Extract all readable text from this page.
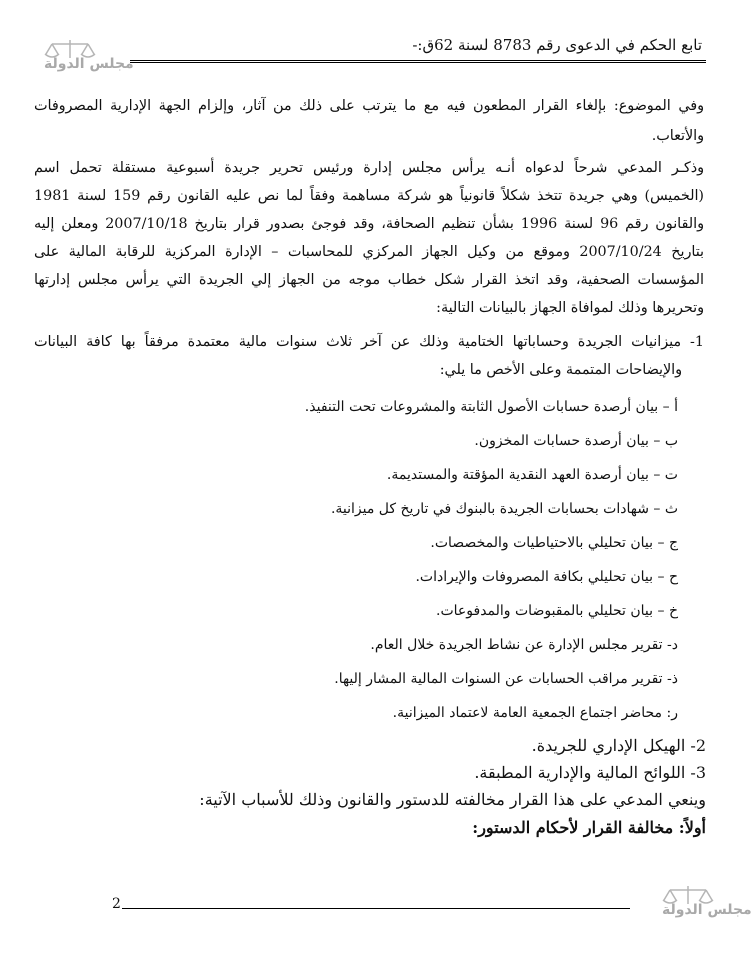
مجلس الدولة
تابع الحكم في الدعوى رقم 8783 لسنة 62ق:-
وفي الموضوع: بإلغاء القرار المطعون فيه مع ما يترتب على ذلك من آثار، وإلزام الجهة الإدارية المصروفات
والأتعاب.
وذكـر المدعي شرحاً لدعواه أنـه يرأس مجلس إدارة ورئيس تحرير جريدة أسبوعية مستقلة تحمل اسم
(الخميس) وهي جريدة تتخذ شكلاً قانونياً هو شركة مساهمة وفقاً لما نص عليه القانون رقم 159 لسنة 1981
والقانون رقم 96 لسنة 1996 بشأن تنظيم الصحافة، وقد فوجئ بصدور قرار بتاريخ 2007/10/18 ومعلن إليه
بتاريخ 2007/10/24 وموقع من وكيل الجهاز المركزي للمحاسبات – الإدارة المركزية للرقابة المالية على
المؤسسات الصحفية، وقد اتخذ القرار شكل خطاب موجه من الجهاز إلي الجريدة التي يرأس مجلس إدارتها
وتحريرها وذلك لموافاة الجهاز بالبيانات التالية:
1- ميزانيات الجريدة وحساباتها الختامية وذلك عن آخر ثلاث سنوات مالية معتمدة مرفقاً بها كافة البيانات
والإيضاحات المتممة وعلى الأخص ما يلي:
أ – بيان أرصدة حسابات الأصول الثابتة والمشروعات تحت التنفيذ.
ب – بيان أرصدة حسابات المخزون.
ت – بيان أرصدة العهد النقدية المؤقتة والمستديمة.
ث – شهادات بحسابات الجريدة بالبنوك في تاريخ كل ميزانية.
ج – بيان تحليلي بالاحتياطيات والمخصصات.
ح – بيان تحليلي بكافة المصروفات والإيرادات.
خ – بيان تحليلي بالمقبوضات والمدفوعات.
د- تقرير مجلس الإدارة عن نشاط الجريدة خلال العام.
ذ- تقرير مراقب الحسابات عن السنوات المالية المشار إليها.
ر: محاضر اجتماع الجمعية العامة لاعتماد الميزانية.
2- الهيكل الإداري للجريدة.
3- اللوائح المالية والإدارية المطبقة.
وينعي المدعي على هذا القرار مخالفته للدستور والقانون وذلك للأسباب الآتية:
أولاً: مخالفة القرار لأحكام الدستور:
2	مجلس الدولة
